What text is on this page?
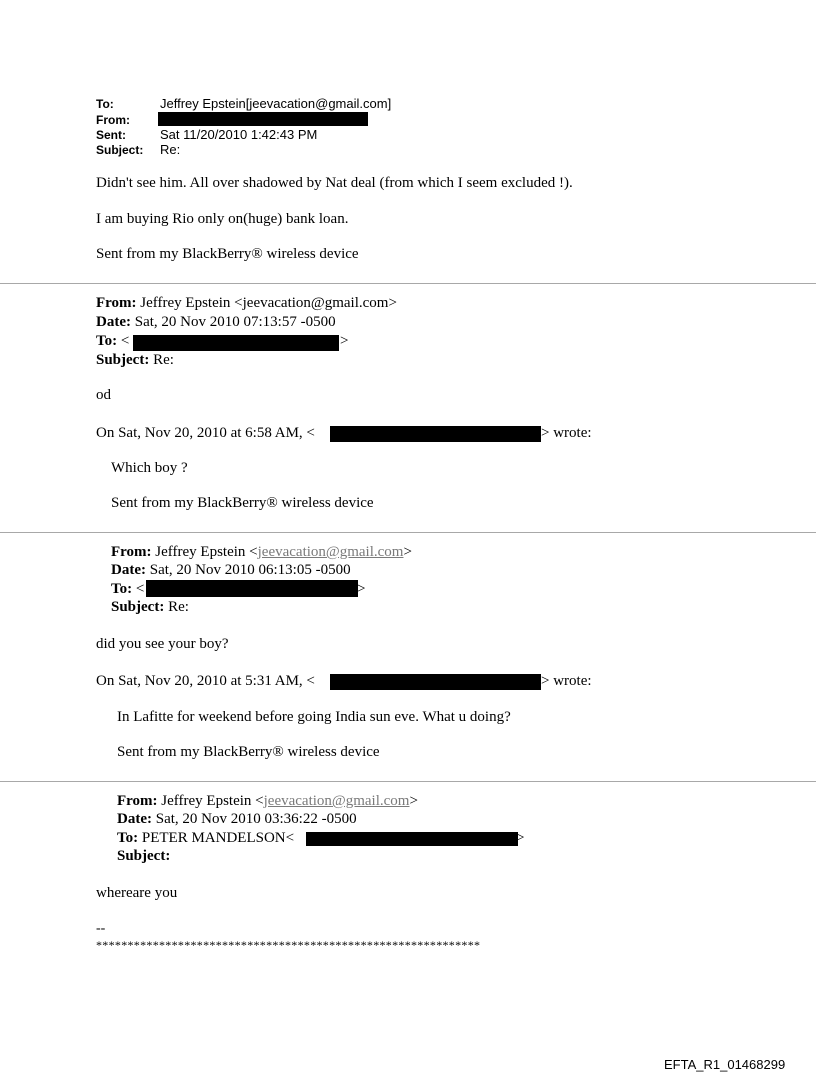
To:	Jeffrey Epstein[jeevacation@gmail.com]
From:
Sent:	Sat 11/20/2010 1:42:43 PM
Subject: Re:
Didn't see him. All over shadowed by Nat deal (from which I seem excluded !).
I am buying Rio only on(huge) bank loan.
Sent from my BlackBerry® wireless device
From: Jeffrey Epstein <jeevacation@gmail.com>
Date: Sat, 20 Nov 2010 07:13:57 -0500
To: <	>
Subject: Re:
od
On Sat, Nov 20, 2010 at 6:58 AM, <	> wrote:
Which boy ?
Sent from my BlackBerry® wireless device
From: Jeffrey Epstein <jeevacation@gmail.com>
Date: Sat, 20 Nov 2010 06:13:05 -0500
To: <	>
Subject: Re:
did you see your boy?
On Sat, Nov 20, 2010 at 5:31 AM, <	> wrote:
In Lafitte for weekend before going India sun eve. What u doing?
Sent from my BlackBerry® wireless device
From: Jeffrey Epstein <jeevacation@gmail.com>
Date: Sat, 20 Nov 2010 03:36:22 -0500
To: PETER MANDELSON<	>
Subject:
whereare you
--
*************************************************************
EFTA_R1_01468299
